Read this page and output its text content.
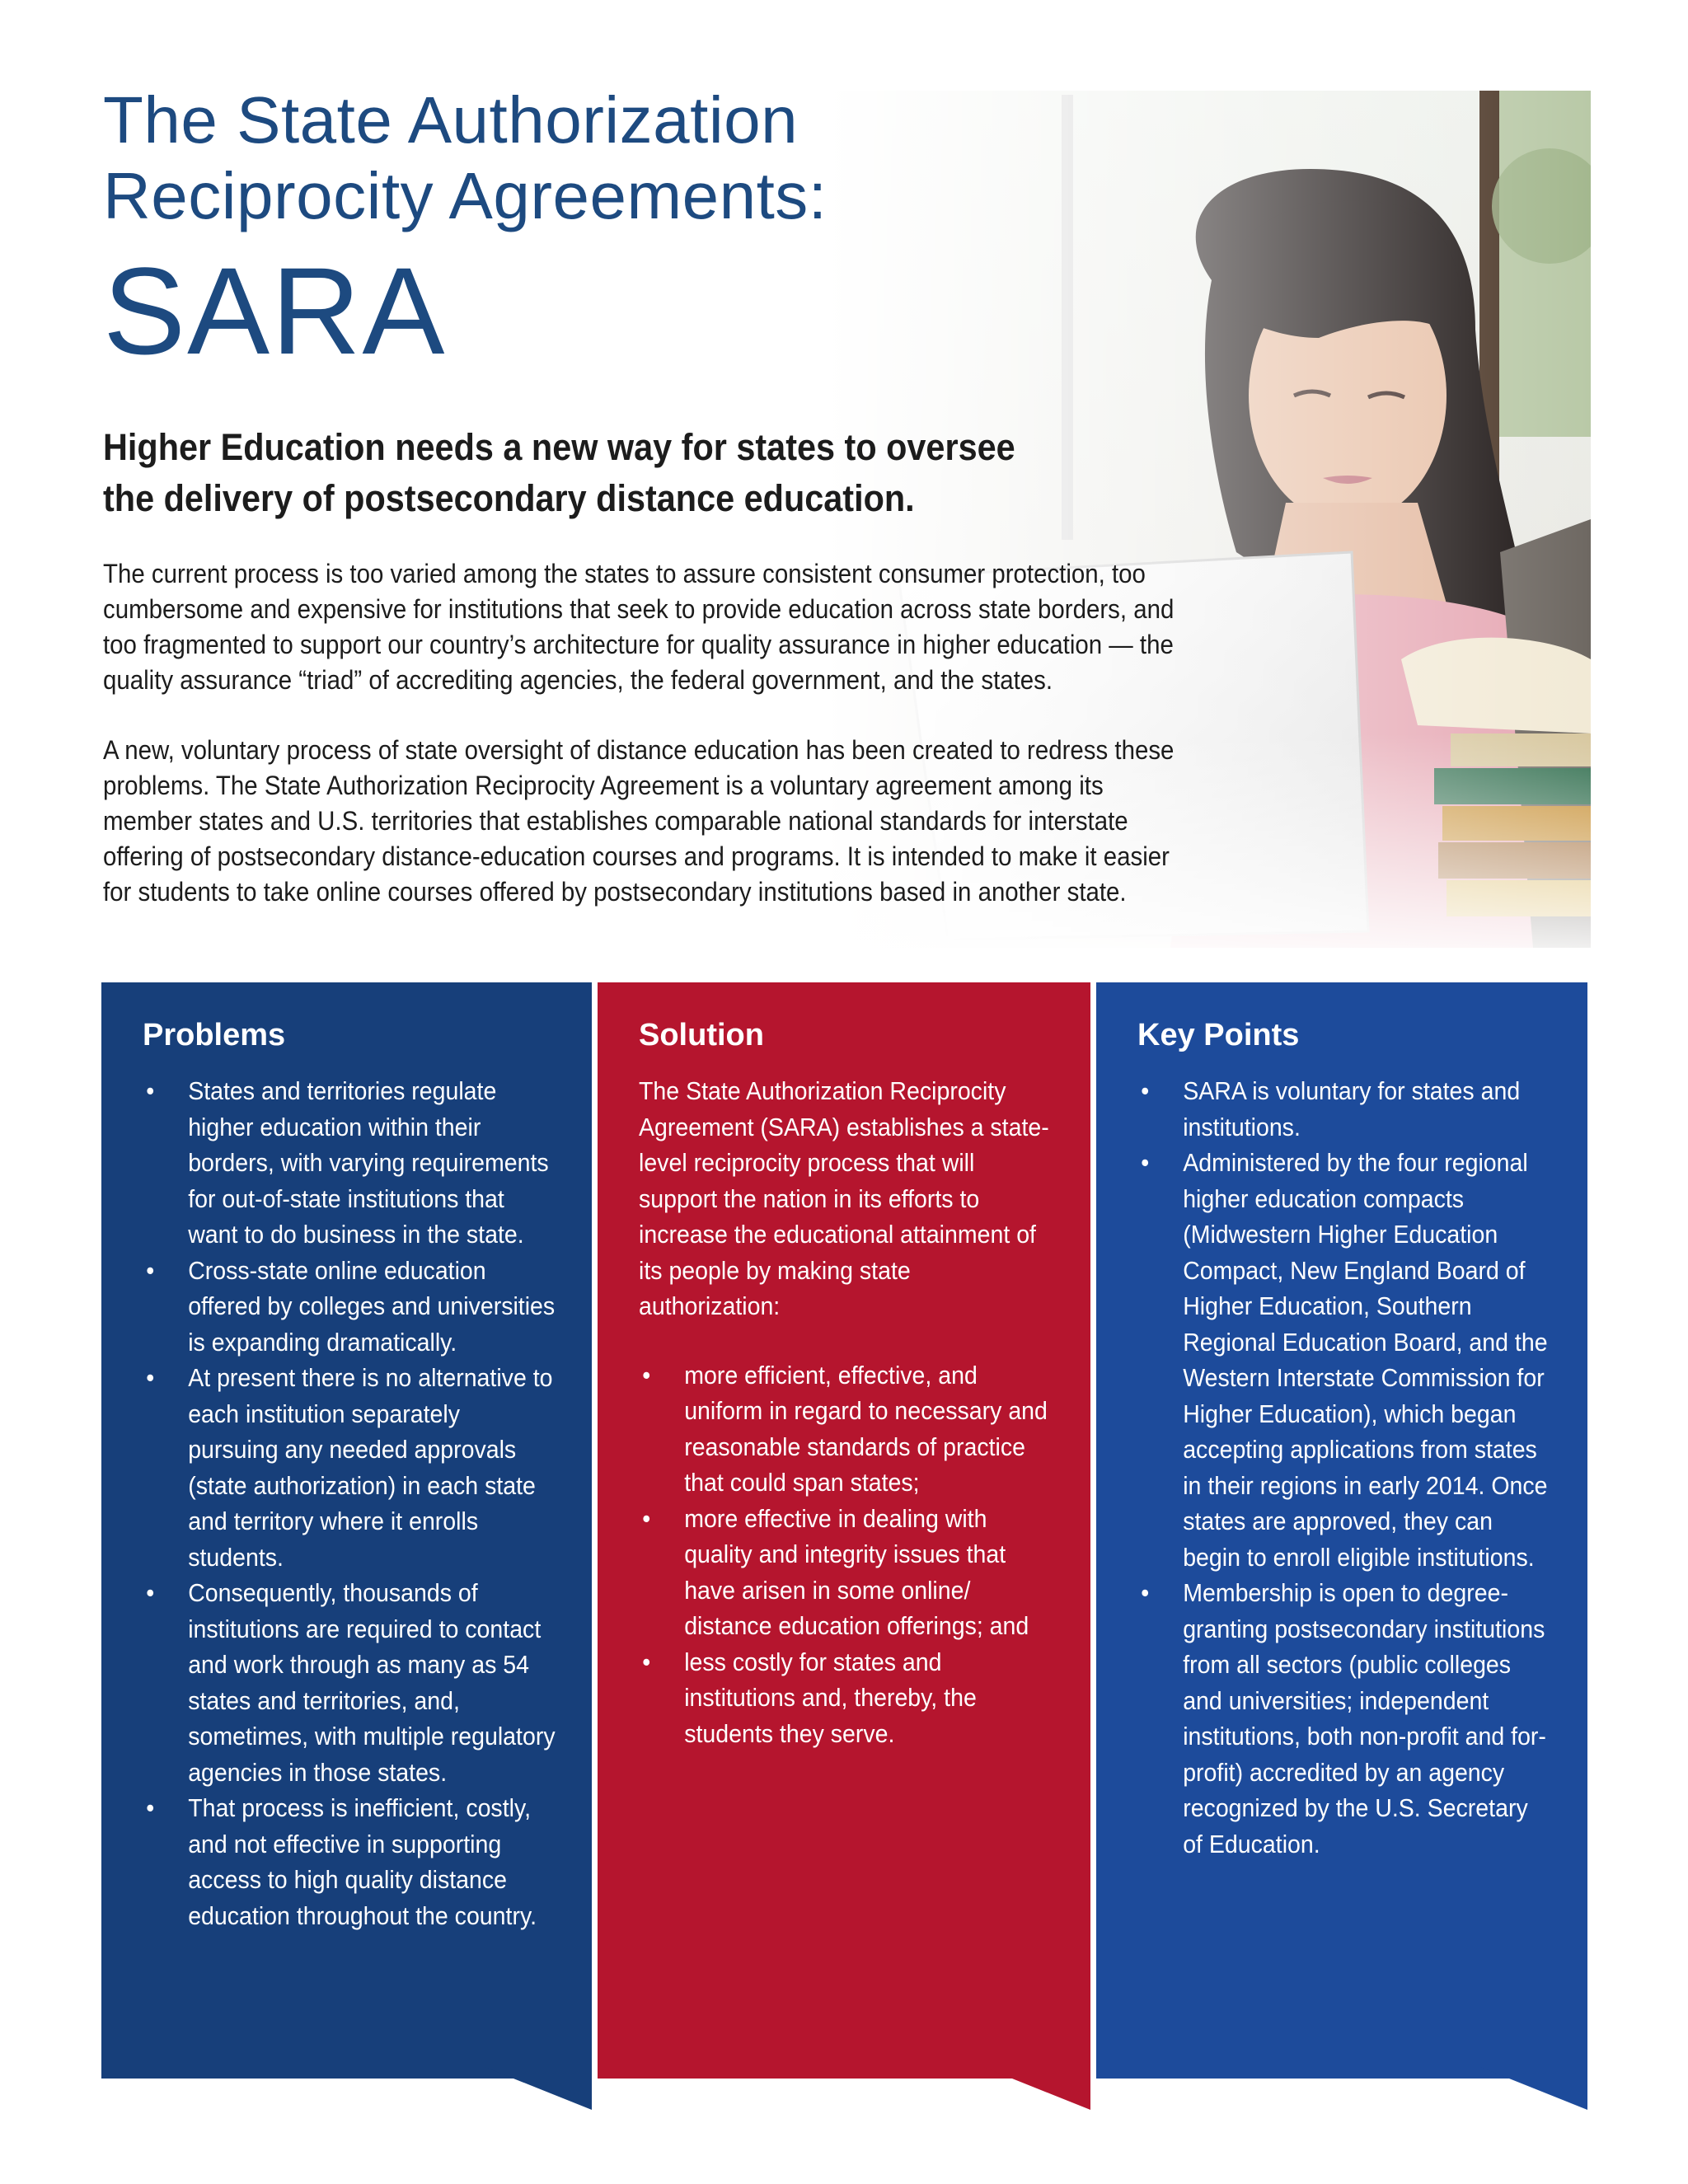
The State Authorization
Reciprocity Agreements:
SARA
Higher Education needs a new way for states to oversee
the delivery of postsecondary distance education.

The current process is too varied among the states to assure consistent consumer protection, too cumbersome and expensive for institutions that seek to provide education across state borders, and too fragmented to support our country’s architecture for quality assurance in higher education — the quality assurance “triad” of accrediting agencies, the federal government, and the states.

A new, voluntary process of state oversight of distance education has been created to redress these problems. The State Authorization Reciprocity Agreement is a voluntary agreement among its member states and U.S. territories that establishes comparable national standards for interstate offering of postsecondary distance-education courses and programs. It is intended to make it easier for students to take online courses offered by postsecondary institutions based in another state.

Problems
• States and territories regulate higher education within their borders, with varying requirements for out-of-state institutions that want to do business in the state.
• Cross-state online education offered by colleges and universities is expanding dramatically.
• At present there is no alternative to each institution separately pursuing any needed approvals (state authorization) in each state and territory where it enrolls students.
• Consequently, thousands of institutions are required to contact and work through as many as 54 states and territories, and, sometimes, with multiple regulatory agencies in those states.
• That process is inefficient, costly, and not effective in supporting access to high quality distance education throughout the country.
Solution

The State Authorization Reciprocity Agreement (SARA) establishes a state-level reciprocity process that will support the nation in its efforts to increase the educational attainment of its people by making state authorization:

• more efficient, effective, and uniform in regard to necessary and reasonable standards of practice that could span states;
• more effective in dealing with quality and integrity issues that have arisen in some online/ distance education offerings; and
• less costly for states and institutions and, thereby, the students they serve.
Key Points
• SARA is voluntary for states and institutions.
• Administered by the four regional higher education compacts (Midwestern Higher Education Compact, New England Board of Higher Education, Southern Regional Education Board, and the Western Interstate Commission for Higher Education), which began accepting applications from states in their regions in early 2014. Once states are approved, they can begin to enroll eligible institutions.
• Membership is open to degree-granting postsecondary institutions from all sectors (public colleges and universities; independent institutions, both non-profit and for-profit) accredited by an agency recognized by the U.S. Secretary of Education.
